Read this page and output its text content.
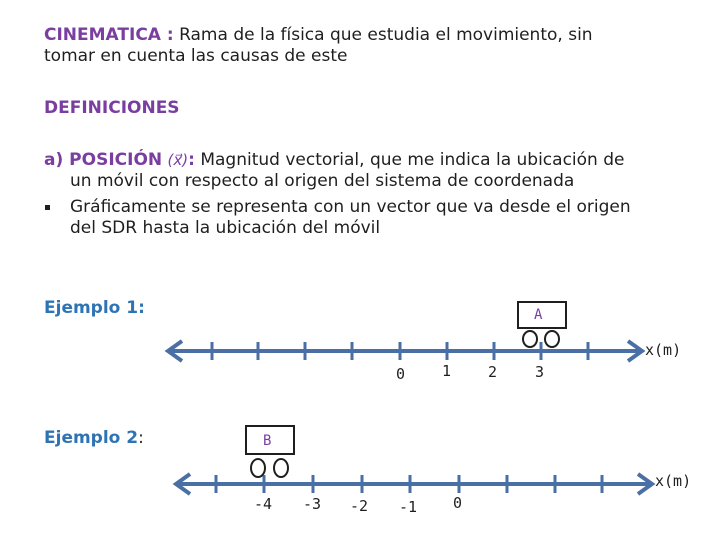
CINEMATICA : Rama de la física que estudia el movimiento, sin
tomar en cuenta las causas de este
DEFINICIONES
a) POSICIÓN (x⃗): Magnitud vectorial, que me indica la ubicación de
un móvil con respecto al origen del sistema de coordenada
Gráficamente se representa con un vector que va desde el origen
del SDR hasta la ubicación del móvil
Ejemplo 1:	A
0 1 2	3
x(m)
Ejemplo 2:	B
-4 -3 -2 -1 0
x(m)
